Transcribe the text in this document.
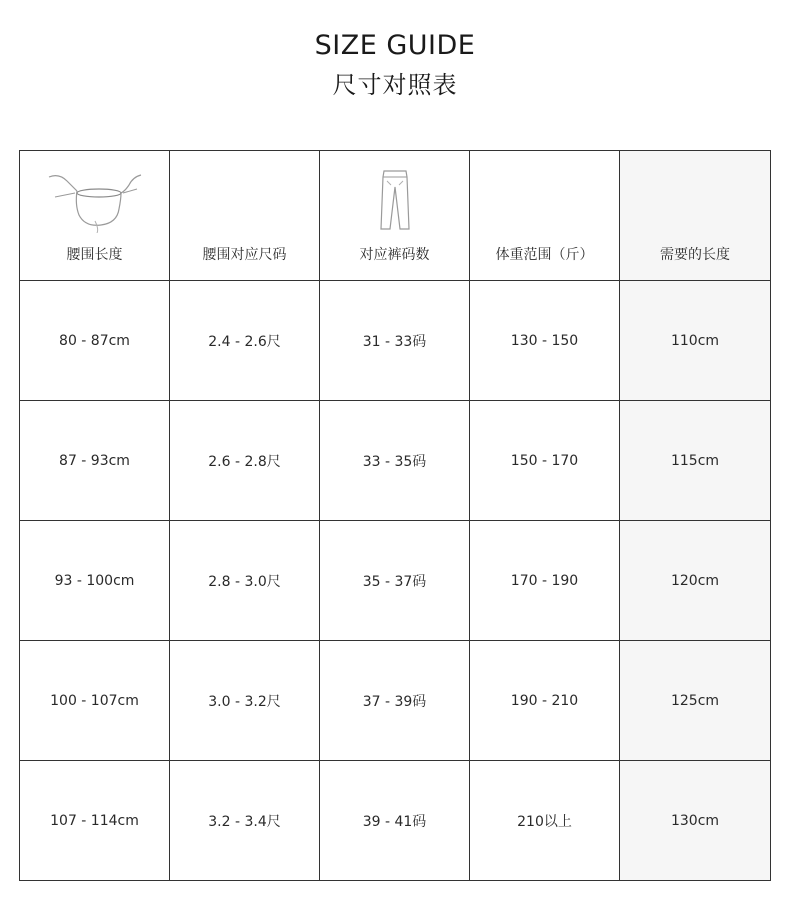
SIZE GUIDE
尺寸对照表
腰围长度	腰围对应尺码	对应裤码数	体重范围（斤）	需要的长度

80 - 87cm	2.4 - 2.6尺	31 - 33码	130 - 150	110cm
87 - 93cm	2.6 - 2.8尺	33 - 35码	150 - 170	115cm
93 - 100cm	2.8 - 3.0尺	35 - 37码	170 - 190	120cm
100 - 107cm	3.0 - 3.2尺	37 - 39码	190 - 210	125cm
107 - 114cm	3.2 - 3.4尺	39 - 41码	210以上	130cm
